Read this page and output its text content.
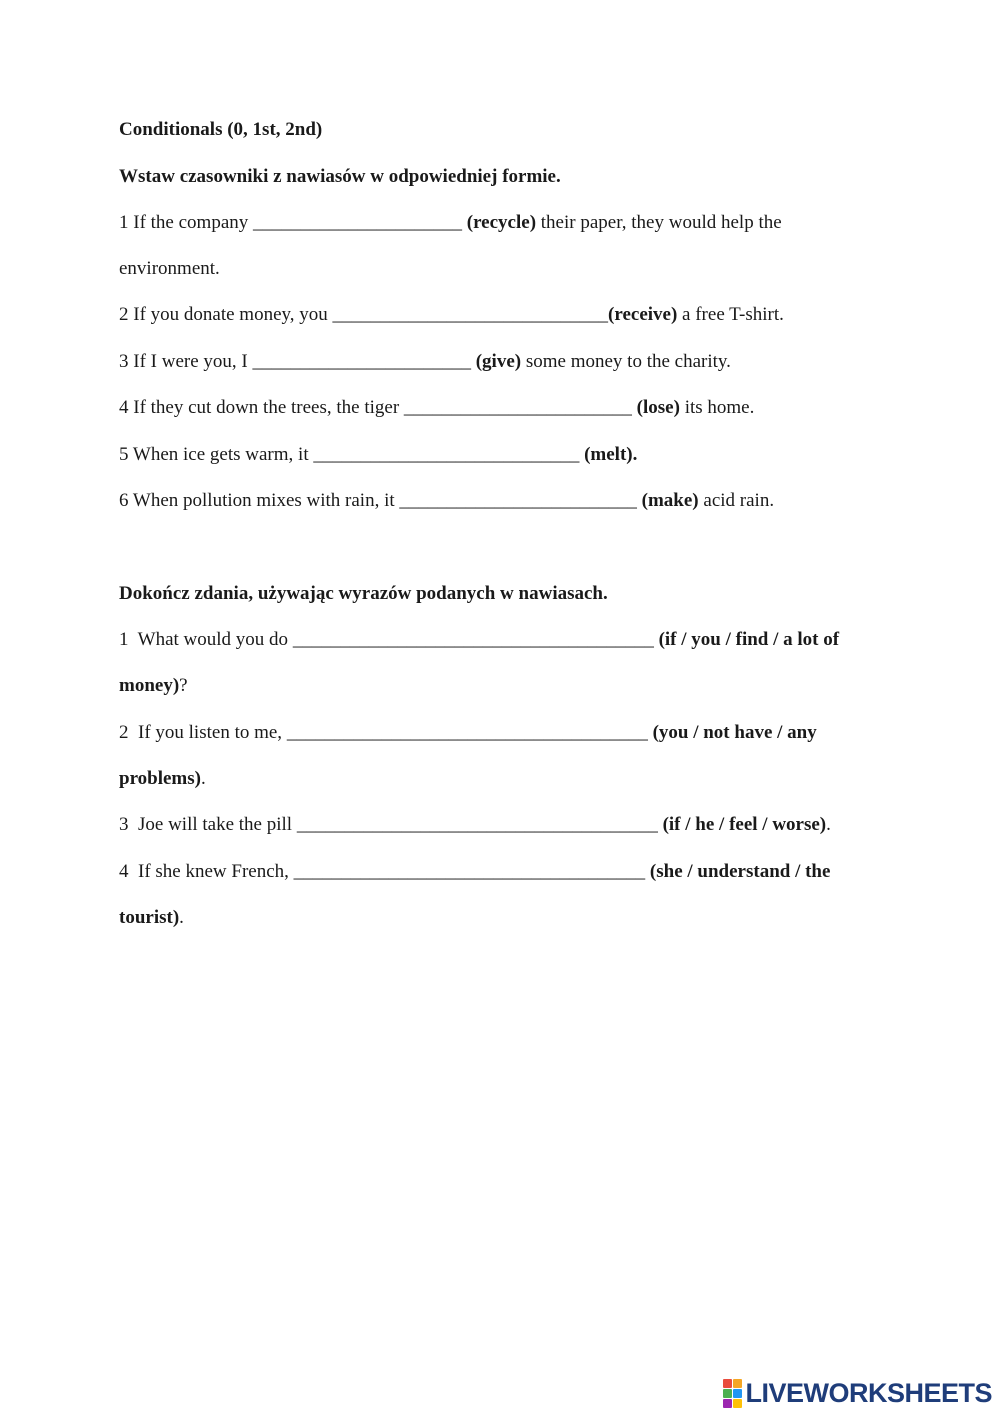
Conditionals (0, 1st, 2nd)
Wstaw czasowniki z nawiasów w odpowiedniej formie.
1 If the company ______________________ (recycle) their paper, they would help the
environment.
2 If you donate money, you _____________________________(receive) a free T-shirt.
3 If I were you, I _______________________ (give) some money to the charity.
4 If they cut down the trees, the tiger ________________________ (lose) its home.
5 When ice gets warm, it ____________________________ (melt).
6 When pollution mixes with rain, it _________________________ (make) acid rain.
Dokończ zdania, używając wyrazów podanych w nawiasach.
1  What would you do ______________________________________ (if / you / find / a lot of
money)?
2  If you listen to me, ______________________________________ (you / not have / any
problems).
3  Joe will take the pill ______________________________________ (if / he / feel / worse).
4  If she knew French, _____________________________________ (she / understand / the
tourist).
LIVEWORKSHEETS
